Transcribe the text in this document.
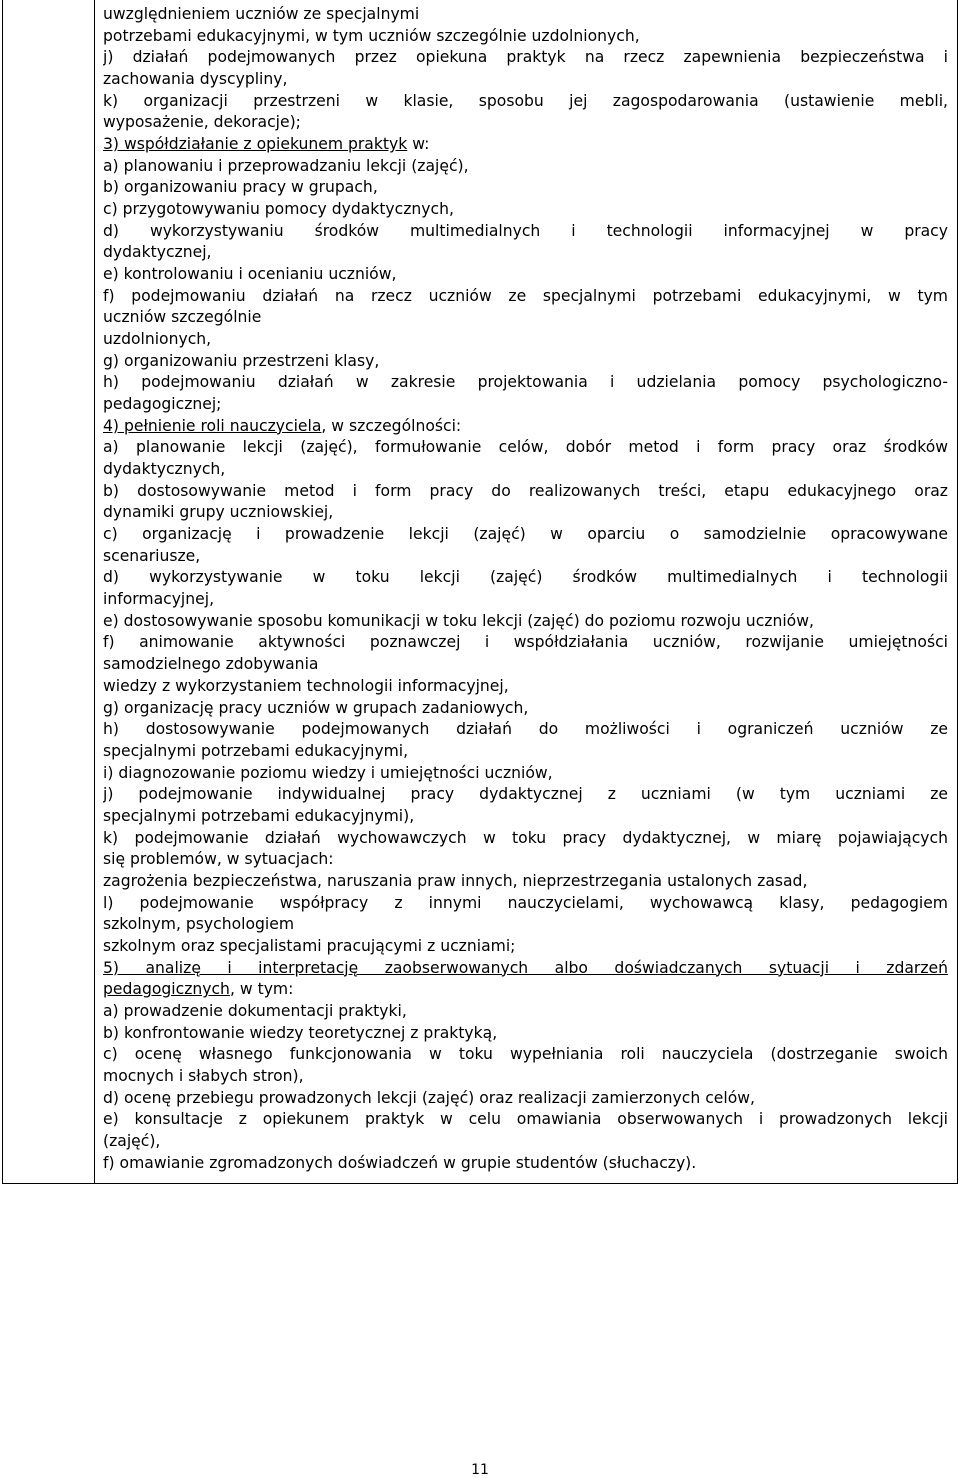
uwzględnieniem uczniów ze specjalnymi
potrzebami edukacyjnymi, w tym uczniów szczególnie uzdolnionych,
j) działań podejmowanych przez opiekuna praktyk na rzecz zapewnienia bezpieczeństwa i
zachowania dyscypliny,
k) organizacji przestrzeni w klasie, sposobu jej zagospodarowania (ustawienie mebli,
wyposażenie, dekoracje);
3) współdziałanie z opiekunem praktyk w:
a) planowaniu i przeprowadzaniu lekcji (zajęć),
b) organizowaniu pracy w grupach,
c) przygotowywaniu pomocy dydaktycznych,
d) wykorzystywaniu środków multimedialnych i technologii informacyjnej w pracy
dydaktycznej,
e) kontrolowaniu i ocenianiu uczniów,
f) podejmowaniu działań na rzecz uczniów ze specjalnymi potrzebami edukacyjnymi, w tym
uczniów szczególnie
uzdolnionych,
g) organizowaniu przestrzeni klasy,
h) podejmowaniu działań w zakresie projektowania i udzielania pomocy psychologiczno-
pedagogicznej;
4) pełnienie roli nauczyciela, w szczególności:
a) planowanie lekcji (zajęć), formułowanie celów, dobór metod i form pracy oraz środków
dydaktycznych,
b) dostosowywanie metod i form pracy do realizowanych treści, etapu edukacyjnego oraz
dynamiki grupy uczniowskiej,
c) organizację i prowadzenie lekcji (zajęć) w oparciu o samodzielnie opracowywane
scenariusze,
d) wykorzystywanie w toku lekcji (zajęć) środków multimedialnych i technologii
informacyjnej,
e) dostosowywanie sposobu komunikacji w toku lekcji (zajęć) do poziomu rozwoju uczniów,
f) animowanie aktywności poznawczej i współdziałania uczniów, rozwijanie umiejętności
samodzielnego zdobywania
wiedzy z wykorzystaniem technologii informacyjnej,
g) organizację pracy uczniów w grupach zadaniowych,
h) dostosowywanie podejmowanych działań do możliwości i ograniczeń uczniów ze
specjalnymi potrzebami edukacyjnymi,
i) diagnozowanie poziomu wiedzy i umiejętności uczniów,
j) podejmowanie indywidualnej pracy dydaktycznej z uczniami (w tym uczniami ze
specjalnymi potrzebami edukacyjnymi),
k) podejmowanie działań wychowawczych w toku pracy dydaktycznej, w miarę pojawiających
się problemów, w sytuacjach:
zagrożenia bezpieczeństwa, naruszania praw innych, nieprzestrzegania ustalonych zasad,
l) podejmowanie współpracy z innymi nauczycielami, wychowawcą klasy, pedagogiem
szkolnym, psychologiem
szkolnym oraz specjalistami pracującymi z uczniami;
5) analizę i interpretację zaobserwowanych albo doświadczanych sytuacji i zdarzeń
pedagogicznych, w tym:
a) prowadzenie dokumentacji praktyki,
b) konfrontowanie wiedzy teoretycznej z praktyką,
c) ocenę własnego funkcjonowania w toku wypełniania roli nauczyciela (dostrzeganie swoich
mocnych i słabych stron),
d) ocenę przebiegu prowadzonych lekcji (zajęć) oraz realizacji zamierzonych celów,
e) konsultacje z opiekunem praktyk w celu omawiania obserwowanych i prowadzonych lekcji
(zajęć),
f) omawianie zgromadzonych doświadczeń w grupie studentów (słuchaczy).
11
